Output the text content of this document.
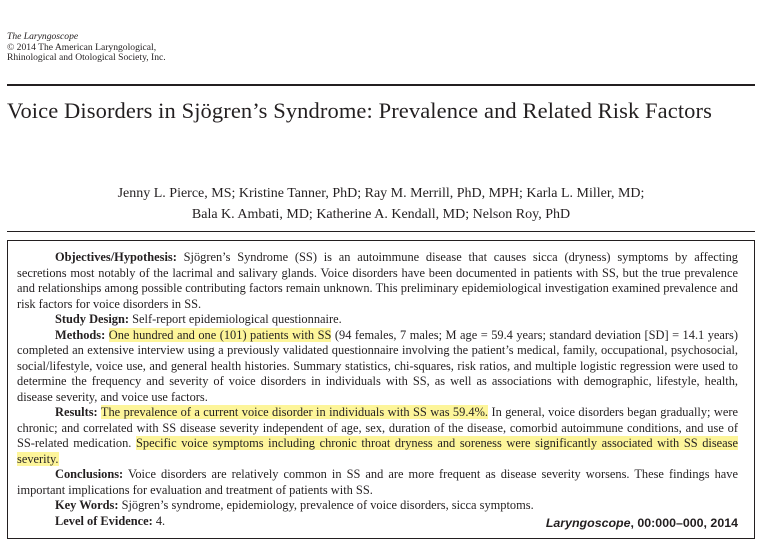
The Laryngoscope
© 2014 The American Laryngological,
Rhinological and Otological Society, Inc.
Voice Disorders in Sjögren’s Syndrome: Prevalence and Related Risk Factors
Jenny L. Pierce, MS; Kristine Tanner, PhD; Ray M. Merrill, PhD, MPH; Karla L. Miller, MD;
Bala K. Ambati, MD; Katherine A. Kendall, MD; Nelson Roy, PhD

Objectives/Hypothesis: Sjögren’s Syndrome (SS) is an autoimmune disease that causes sicca (dryness) symptoms by affecting secretions most notably of the lacrimal and salivary glands. Voice disorders have been documented in patients with SS, but the true prevalence and relationships among possible contributing factors remain unknown. This preliminary epidemiological investigation examined prevalence and risk factors for voice disorders in SS.

Study Design: Self-report epidemiological questionnaire.

Methods: One hundred and one (101) patients with SS (94 females, 7 males; M age = 59.4 years; standard deviation [SD] = 14.1 years) completed an extensive interview using a previously validated questionnaire involving the patient’s medical, family, occupational, psychosocial, social/lifestyle, voice use, and general health histories. Summary statistics, chi-squares, risk ratios, and multiple logistic regression were used to determine the frequency and severity of voice disorders in individuals with SS, as well as associations with demographic, lifestyle, health, disease severity, and voice use factors.

Results: The prevalence of a current voice disorder in individuals with SS was 59.4%. In general, voice disorders began gradually; were chronic; and correlated with SS disease severity independent of age, sex, duration of the disease, comorbid autoimmune conditions, and use of SS-related medication. Specific voice symptoms including chronic throat dryness and soreness were significantly associated with SS disease severity.

Conclusions: Voice disorders are relatively common in SS and are more frequent as disease severity worsens. These findings have important implications for evaluation and treatment of patients with SS.

Key Words: Sjögren’s syndrome, epidemiology, prevalence of voice disorders, sicca symptoms.

Level of Evidence: 4.	Laryngoscope, 00:000–000, 2014
